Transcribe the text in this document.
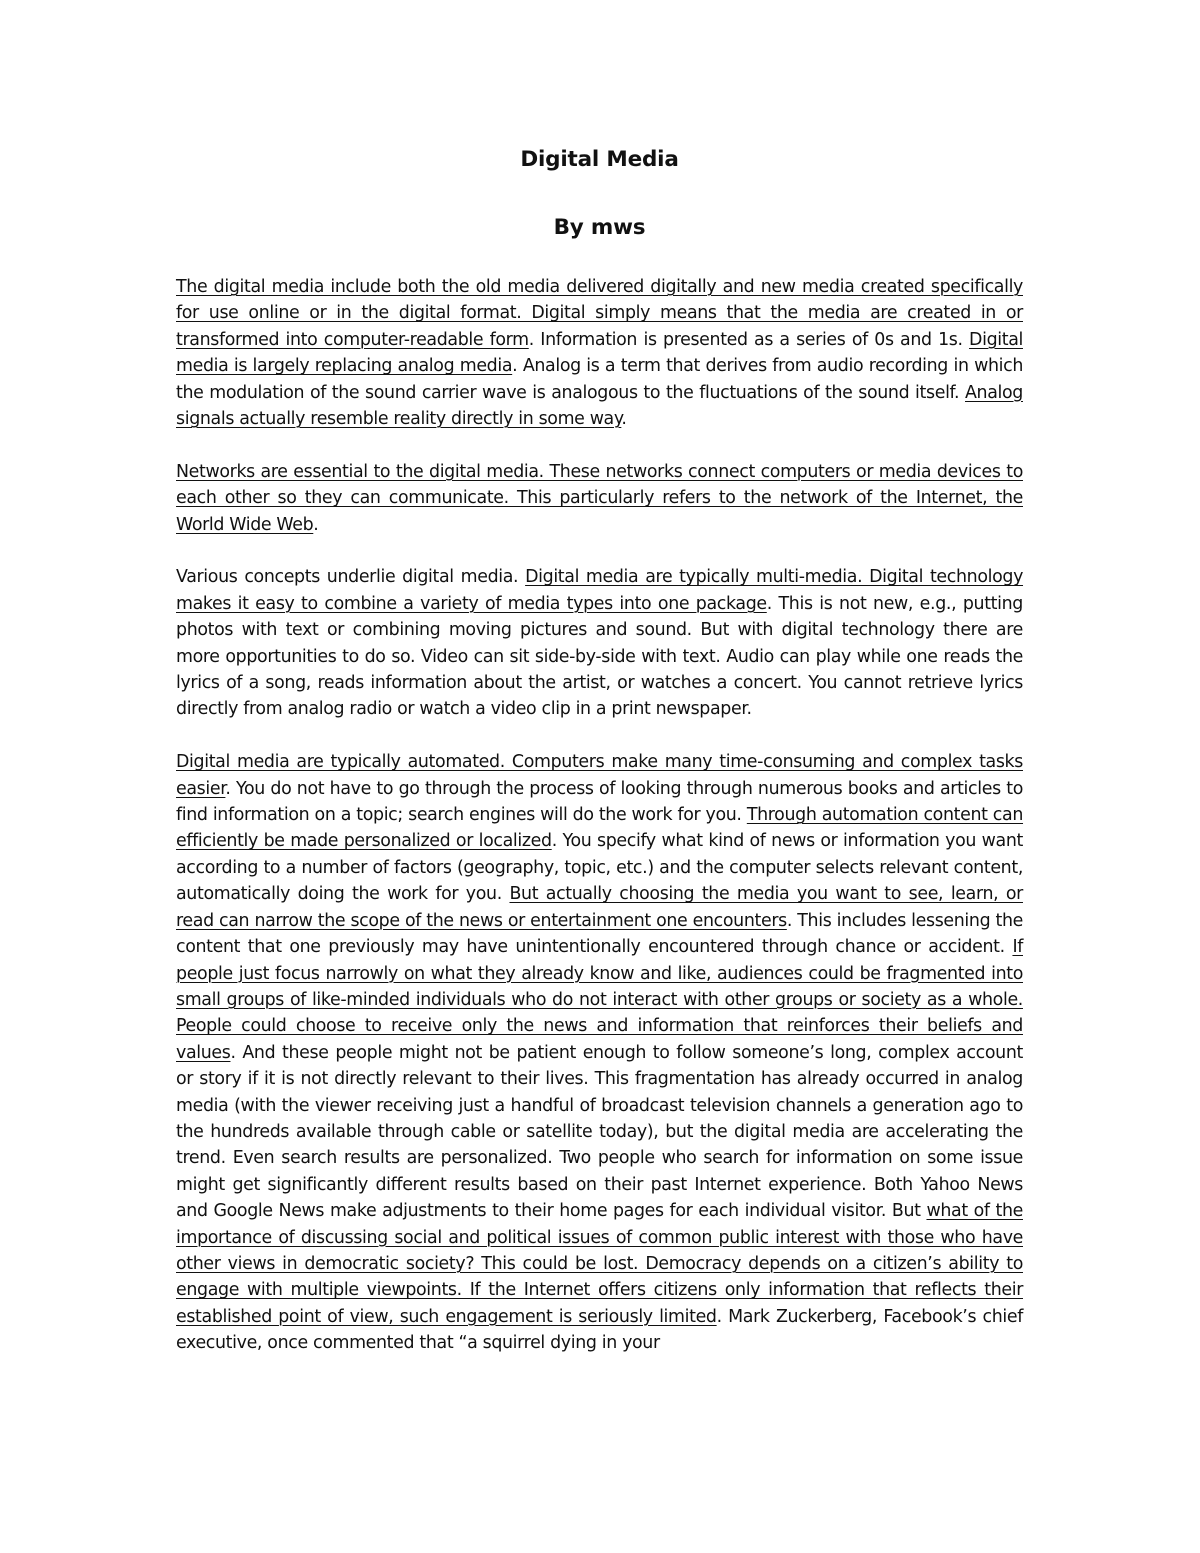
Digital Media
By mws

The digital media include both the old media delivered digitally and new media created specifically for use online or in the digital format. Digital simply means that the media are created in or transformed into computer-readable form. Information is presented as a series of 0s and 1s. Digital media is largely replacing analog media. Analog is a term that derives from audio recording in which the modulation of the sound carrier wave is analogous to the fluctuations of the sound itself. Analog signals actually resemble reality directly in some way.

Networks are essential to the digital media. These networks connect computers or media devices to each other so they can communicate. This particularly refers to the network of the Internet, the World Wide Web.

Various concepts underlie digital media. Digital media are typically multi-media. Digital technology makes it easy to combine a variety of media types into one package. This is not new, e.g., putting photos with text or combining moving pictures and sound. But with digital technology there are more opportunities to do so. Video can sit side-by-side with text. Audio can play while one reads the lyrics of a song, reads information about the artist, or watches a concert. You cannot retrieve lyrics directly from analog radio or watch a video clip in a print newspaper.

Digital media are typically automated. Computers make many time-consuming and complex tasks easier. You do not have to go through the process of looking through numerous books and articles to find information on a topic; search engines will do the work for you. Through automation content can efficiently be made personalized or localized. You specify what kind of news or information you want according to a number of factors (geography, topic, etc.) and the computer selects relevant content, automatically doing the work for you. But actually choosing the media you want to see, learn, or read can narrow the scope of the news or entertainment one encounters. This includes lessening the content that one previously may have unintentionally encountered through chance or accident. If people just focus narrowly on what they already know and like, audiences could be fragmented into small groups of like-minded individuals who do not interact with other groups or society as a whole. People could choose to receive only the news and information that reinforces their beliefs and values. And these people might not be patient enough to follow someone’s long, complex account or story if it is not directly relevant to their lives. This fragmentation has already occurred in analog media (with the viewer receiving just a handful of broadcast television channels a generation ago to the hundreds available through cable or satellite today), but the digital media are accelerating the trend. Even search results are personalized. Two people who search for information on some issue might get significantly different results based on their past Internet experience. Both Yahoo News and Google News make adjustments to their home pages for each individual visitor. But what of the importance of discussing social and political issues of common public interest with those who have other views in democratic society? This could be lost. Democracy depends on a citizen’s ability to engage with multiple viewpoints. If the Internet offers citizens only information that reflects their established point of view, such engagement is seriously limited. Mark Zuckerberg, Facebook’s chief executive, once commented that “a squirrel dying in your
